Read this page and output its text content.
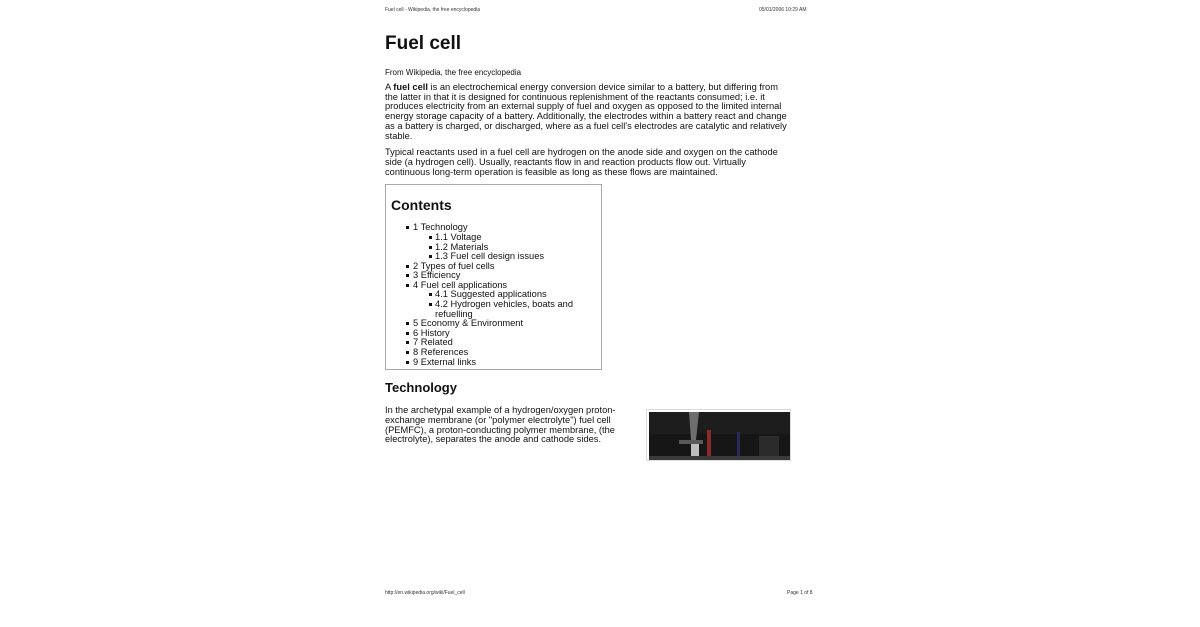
Fuel cell - Wikipedia, the free encyclopedia	05/01/2006 10:29 AM
Fuel cell
From Wikipedia, the free encyclopedia

A fuel cell is an electrochemical energy conversion device similar to a battery, but differing from the latter in that it is designed for continuous replenishment of the reactants consumed; i.e. it produces electricity from an external supply of fuel and oxygen as opposed to the limited internal energy storage capacity of a battery. Additionally, the electrodes within a battery react and change as a battery is charged, or discharged, where as a fuel cell's electrodes are catalytic and relatively stable.

Typical reactants used in a fuel cell are hydrogen on the anode side and oxygen on the cathode side (a hydrogen cell). Usually, reactants flow in and reaction products flow out. Virtually continuous long-term operation is feasible as long as these flows are maintained.

Contents
1 Technology
1.1 Voltage
1.2 Materials
1.3 Fuel cell design issues
2 Types of fuel cells
3 Efficiency
4 Fuel cell applications
4.1 Suggested applications
4.2 Hydrogen vehicles, boats and refuelling
5 Economy & Environment
6 History
7 Related
8 References
9 External links
Technology

In the archetypal example of a hydrogen/oxygen proton-exchange membrane (or "polymer electrolyte") fuel cell (PEMFC), a proton-conducting polymer membrane, (the electrolyte), separates the anode and cathode sides.

http://en.wikipedia.org/wiki/Fuel_cell	Page 1 of 8
